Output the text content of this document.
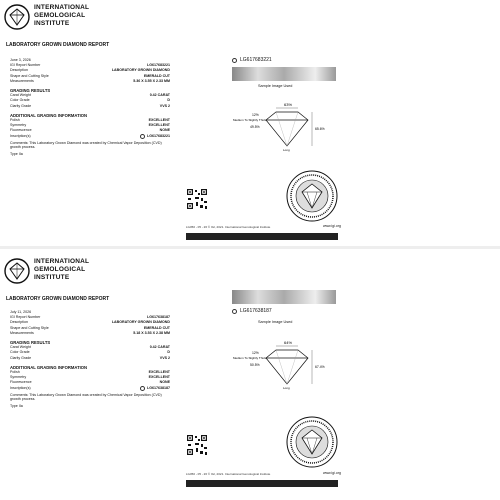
INTERNATIONAL
GEMOLOGICAL
INSTITUTE
LABORATORY GROWN DIAMOND REPORT
June 3, 2026
IGI Report Number	LG617683221
Description	LABORATORY GROWN DIAMOND
Shape and Cutting Style	EMERALD CUT
Measurements	5.36 X 3.55 X 2.33 MM
GRADING RESULTS
Carat Weight	0.42 CARAT
Color Grade	D
Clarity Grade	VVS 2
ADDITIONAL GRADING INFORMATION
Polish	EXCELLENT
Symmetry	EXCELLENT
Fluorescence	NONE
Inscription(s)	LG617683221
Comments: This Laboratory Grown Diamond was created by Chemical Vapor Deposition (CVD) growth process.
Type IIa
LG617683221
Sample Image Used
63%
12%
49.5%	65.6%
Medium To Slightly Thick
Long
www.igi.org
LG050 - 05 - 26 © IGI, 2021. International Gemological Institute
INTERNATIONAL
GEMOLOGICAL
INSTITUTE
LABORATORY GROWN DIAMOND REPORT
July 11, 2026
IGI Report Number	LG617638187
Description	LABORATORY GROWN DIAMOND
Shape and Cutting Style	EMERALD CUT
Measurements	5.18 X 3.53 X 2.38 MM
GRADING RESULTS
Carat Weight	0.42 CARAT
Color Grade	D
Clarity Grade	VVS 2
ADDITIONAL GRADING INFORMATION
Polish	EXCELLENT
Symmetry	EXCELLENT
Fluorescence	NONE
Inscription(s)	LG617638187
Comments: This Laboratory Grown Diamond was created by Chemical Vapor Deposition (CVD) growth process.
Type IIa
LG617638187
Sample Image Used
64%
12%
50.5%	67.4%
Medium To Slightly Thick
Long
www.igi.org
LG050 - 05 - 26 © IGI, 2021. International Gemological Institute
